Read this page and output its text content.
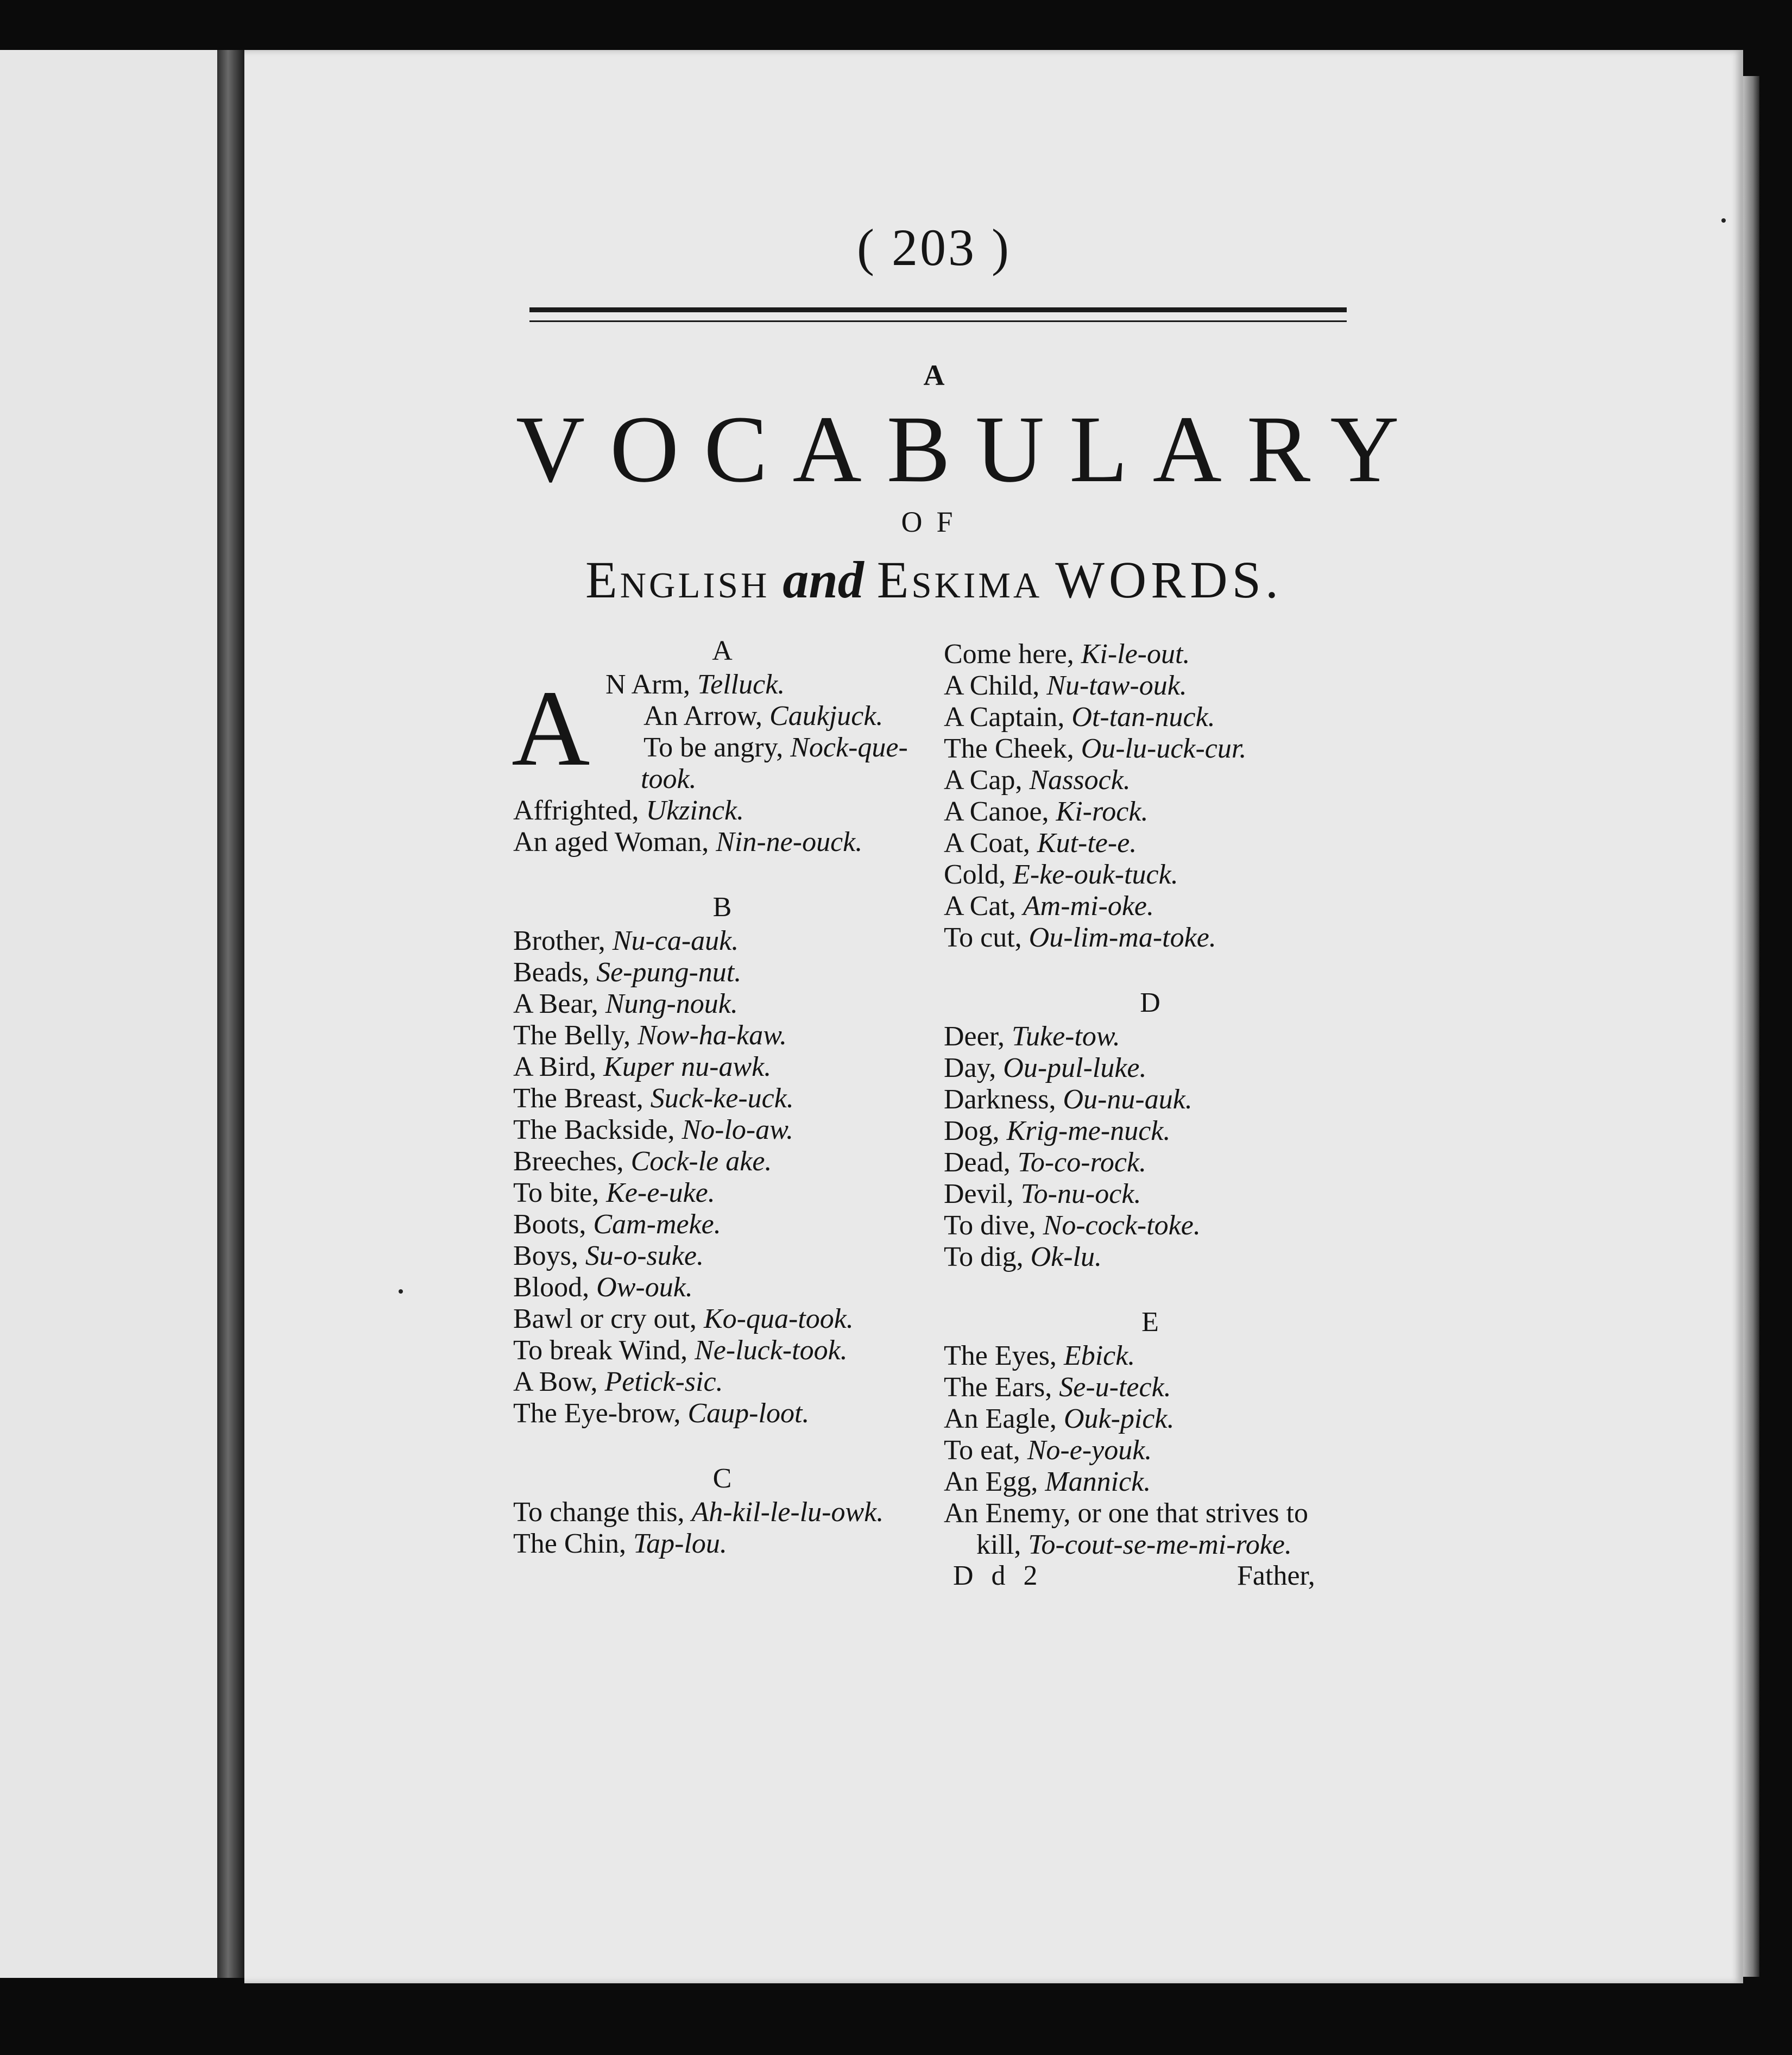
( 203 )
A
VOCABULARY
OF
English and Eskima WORDS.
A
A
N Arm, Telluck.
An Arrow, Caukjuck.
To be angry, Nock-que-
took.
Affrighted, Ukzinck.
An aged Woman, Nin-ne-ouck.
B
Brother, Nu-ca-auk.
Beads, Se-pung-nut.
A Bear, Nung-nouk.
The Belly, Now-ha-kaw.
A Bird, Kuper nu-awk.
The Breast, Suck-ke-uck.
The Backside, No-lo-aw.
Breeches, Cock-le ake.
To bite, Ke-e-uke.
Boots, Cam-meke.
Boys, Su-o-suke.
Blood, Ow-ouk.
Bawl or cry out, Ko-qua-took.
To break Wind, Ne-luck-took.
A Bow, Petick-sic.
The Eye-brow, Caup-loot.
C
To change this, Ah-kil-le-lu-owk.
The Chin, Tap-lou.
Come here, Ki-le-out.
A Child, Nu-taw-ouk.
A Captain, Ot-tan-nuck.
The Cheek, Ou-lu-uck-cur.
A Cap, Nassock.
A Canoe, Ki-rock.
A Coat, Kut-te-e.
Cold, E-ke-ouk-tuck.
A Cat, Am-mi-oke.
To cut, Ou-lim-ma-toke.
D
Deer, Tuke-tow.
Day, Ou-pul-luke.
Darkness, Ou-nu-auk.
Dog, Krig-me-nuck.
Dead, To-co-rock.
Devil, To-nu-ock.
To dive, No-cock-toke.
To dig, Ok-lu.
E
The Eyes, Ebick.
The Ears, Se-u-teck.
An Eagle, Ouk-pick.
To eat, No-e-youk.
An Egg, Mannick.
An Enemy, or one that strives to
kill, To-cout-se-me-mi-roke.
D d 2	Father,
